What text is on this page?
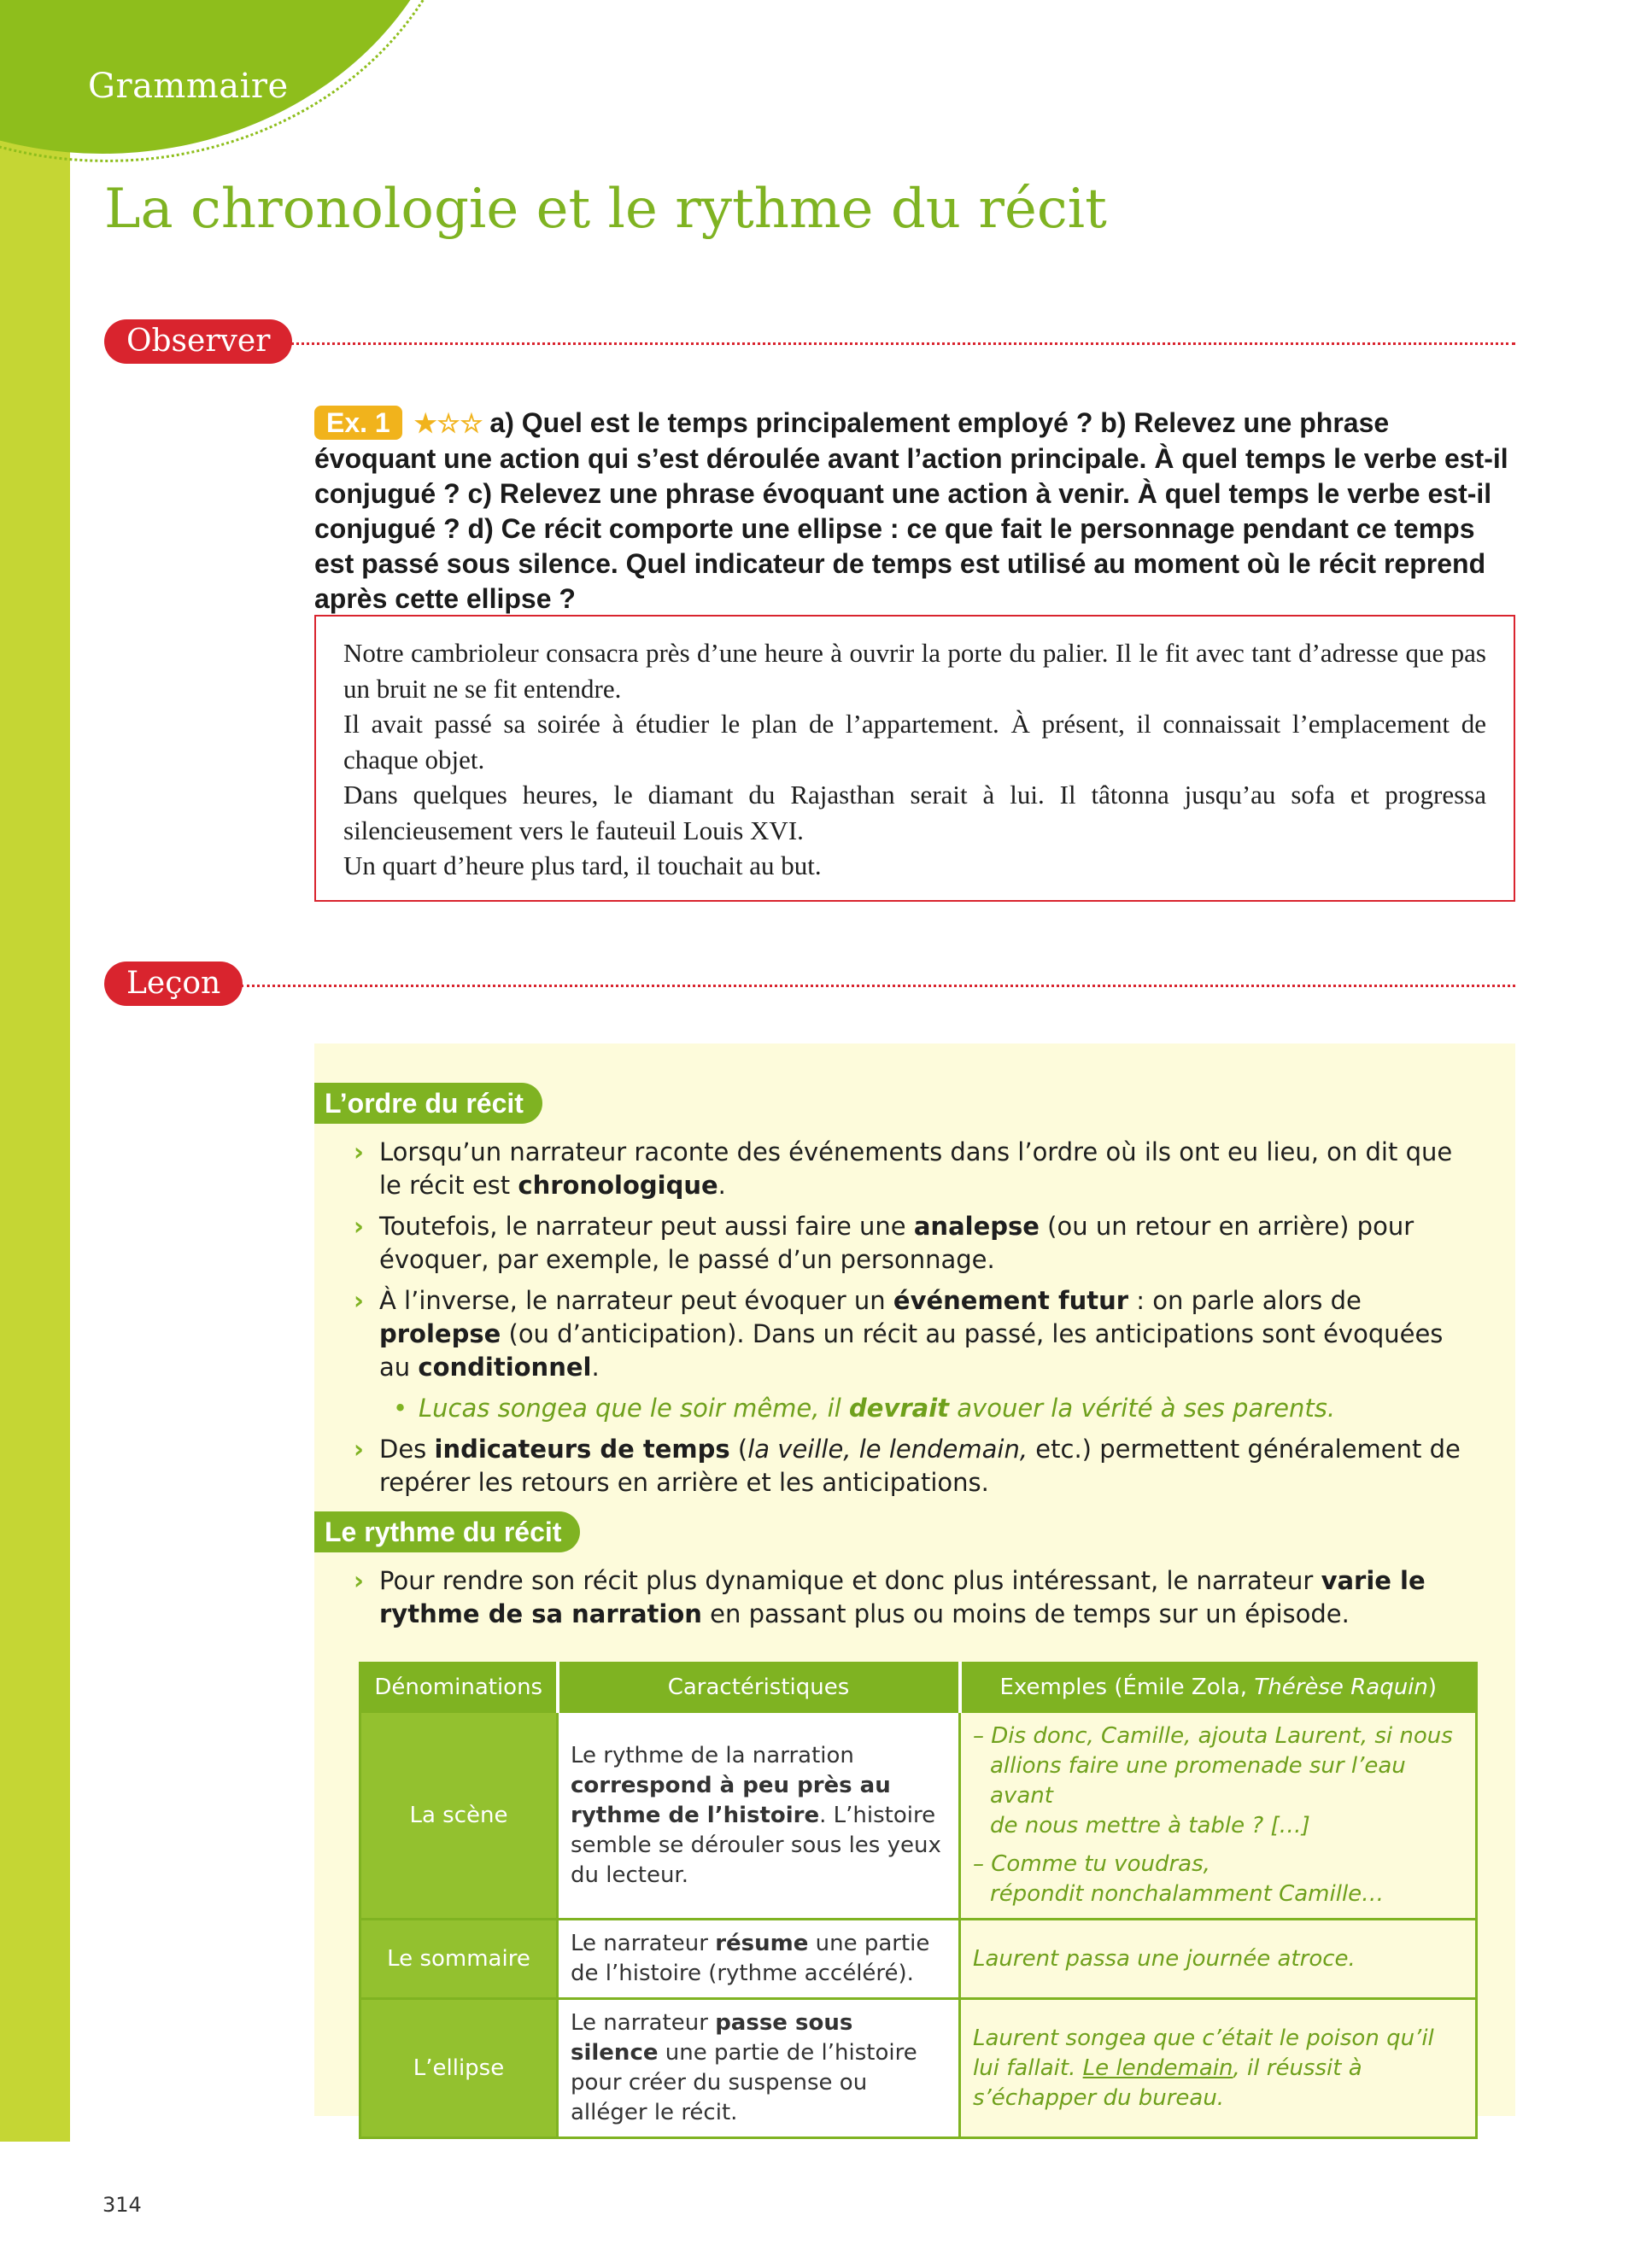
Grammaire
La chronologie et le rythme du récit
Observer
Ex. 1 ★☆☆ a) Quel est le temps principalement employé ? b) Relevez une phrase évoquant une action qui s’est déroulée avant l’action principale. À quel temps le verbe est-il conjugué ? c) Relevez une phrase évoquant une action à venir. À quel temps le verbe est-il conjugué ? d) Ce récit comporte une ellipse : ce que fait le personnage pendant ce temps est passé sous silence. Quel indicateur de temps est utilisé au moment où le récit reprend après cette ellipse ?

Notre cambrioleur consacra près d’une heure à ouvrir la porte du palier. Il le fit avec tant d’adresse que pas un bruit ne se fit entendre.

Il avait passé sa soirée à étudier le plan de l’appartement. À présent, il connaissait l’emplacement de chaque objet.

Dans quelques heures, le diamant du Rajasthan serait à lui. Il tâtonna jusqu’au sofa et progressa silencieusement vers le fauteuil Louis XVI.

Un quart d’heure plus tard, il touchait au but.

Leçon
L’ordre du récit
› Lorsqu’un narrateur raconte des événements dans l’ordre où ils ont eu lieu, on dit que le récit est chronologique.
› Toutefois, le narrateur peut aussi faire une analepse (ou un retour en arrière) pour évoquer, par exemple, le passé d’un personnage.
› À l’inverse, le narrateur peut évoquer un événement futur : on parle alors de prolepse (ou d’anticipation). Dans un récit au passé, les anticipations sont évoquées au conditionnel.
• Lucas songea que le soir même, il devrait avouer la vérité à ses parents.
› Des indicateurs de temps (la veille, le lendemain, etc.) permettent généralement de repérer les retours en arrière et les anticipations.
Le rythme du récit
› Pour rendre son récit plus dynamique et donc plus intéressant, le narrateur varie le rythme de sa narration en passant plus ou moins de temps sur un épisode.
Dénominations	Caractéristiques	Exemples (Émile Zola, Thérèse Raquin)
La scène	Le rythme de la narration correspond à peu près au rythme de l’histoire. L’histoire semble se dérouler sous les yeux du lecteur.	– Dis donc, Camille, ajouta Laurent, si nous
allions faire une promenade sur l’eau avant
de nous mettre à table ? […]
– Comme tu voudras,
répondit nonchalamment Camille…

Le sommaire	Le narrateur résume une partie de l’histoire (rythme accéléré).	Laurent passa une journée atroce.
L’ellipse	Le narrateur passe sous silence une partie de l’histoire pour créer du suspense ou alléger le récit.	Laurent songea que c’était le poison qu’il lui fallait. Le lendemain, il réussit à s’échapper du bureau.
314
